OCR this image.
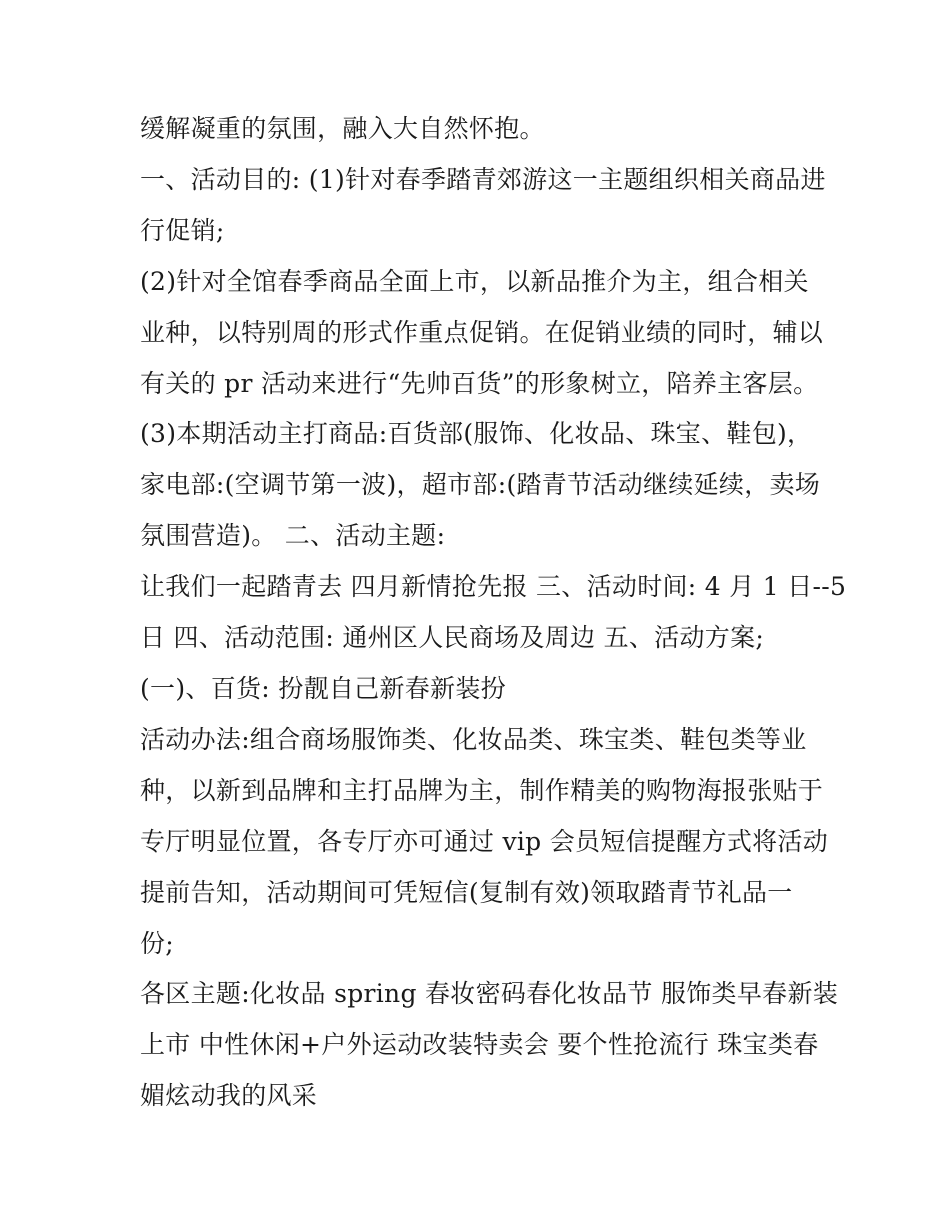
缓解凝重的氛围，融入大自然怀抱。
一、活动目的: (1)针对春季踏青郊游这一主题组织相关商品进
行促销;
(2)针对全馆春季商品全面上市，以新品推介为主，组合相关
业种，以特别周的形式作重点促销。在促销业绩的同时，辅以
有关的 pr 活动来进行“先帅百货”的形象树立，陪养主客层。
(3)本期活动主打商品:百货部(服饰、化妆品、珠宝、鞋包)，
家电部:(空调节第一波)，超市部:(踏青节活动继续延续，卖场
氛围营造)。 二、活动主题:
让我们一起踏青去 四月新情抢先报 三、活动时间: 4 月 1 日--5
日 四、活动范围: 通州区人民商场及周边 五、活动方案;
(一)、百货: 扮靓自己新春新装扮
活动办法:组合商场服饰类、化妆品类、珠宝类、鞋包类等业
种，以新到品牌和主打品牌为主，制作精美的购物海报张贴于
专厅明显位置，各专厅亦可通过 vip 会员短信提醒方式将活动
提前告知，活动期间可凭短信(复制有效)领取踏青节礼品一
份;
各区主题:化妆品 spring 春妆密码春化妆品节 服饰类早春新装
上市 中性休闲+户外运动改装特卖会 要个性抢流行 珠宝类春
媚炫动我的风采
